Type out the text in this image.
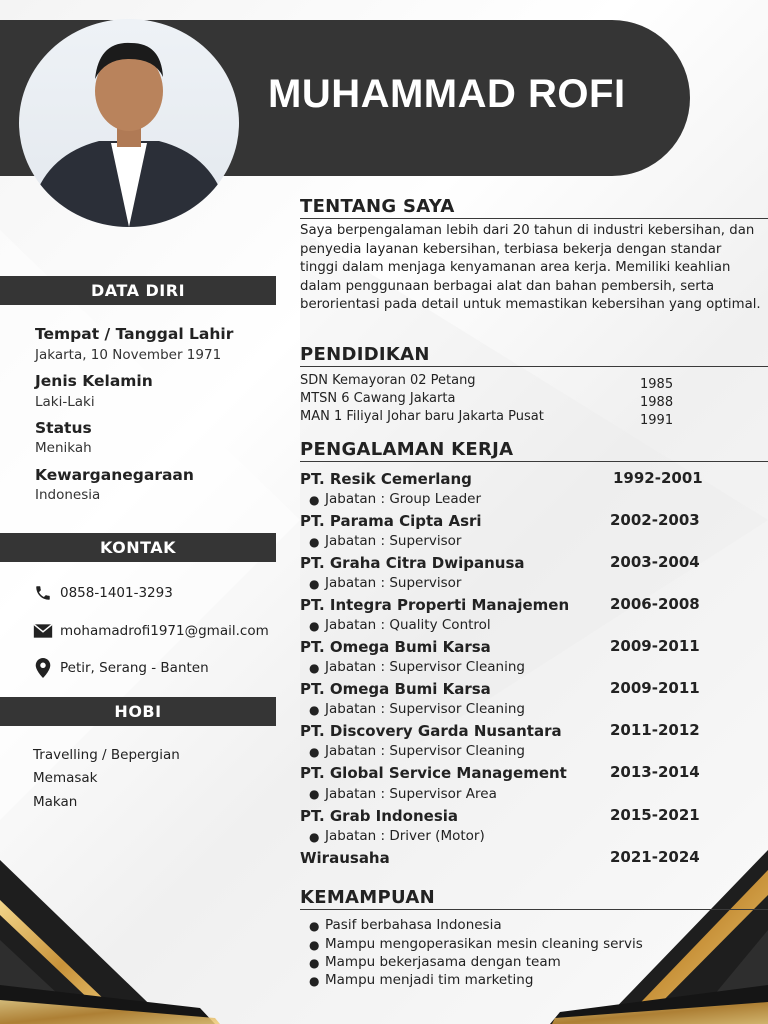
MUHAMMAD ROFI
DATA DIRI
Tempat / Tanggal Lahir
Jakarta, 10 November 1971
Jenis Kelamin
Laki-Laki
Status
Menikah
Kewarganegaraan
Indonesia
KONTAK
0858-1401-3293
mohamadrofi1971@gmail.com
Petir, Serang - Banten
HOBI
Travelling / Bepergian
Memasak
Makan
TENTANG SAYA
Saya berpengalaman lebih dari 20 tahun di industri kebersihan, dan penyedia layanan kebersihan, terbiasa bekerja dengan standar tinggi dalam menjaga kenyamanan area kerja. Memiliki keahlian dalam penggunaan berbagai alat dan bahan pembersih, serta berorientasi pada detail untuk memastikan kebersihan yang optimal.
PENDIDIKAN
SDN Kemayoran 02 Petang	1985
MTSN 6 Cawang Jakarta	1988
MAN 1 Filiyal Johar baru Jakarta Pusat	1991
PENGALAMAN KERJA
PT. Resik Cemerlang	1992-2001
● Jabatan : Group Leader
PT. Parama Cipta Asri	2002-2003
● Jabatan : Supervisor
PT. Graha Citra Dwipanusa	2003-2004
● Jabatan : Supervisor
PT. Integra Properti Manajemen	2006-2008
● Jabatan : Quality Control
PT. Omega Bumi Karsa	2009-2011
● Jabatan : Supervisor Cleaning
PT. Omega Bumi Karsa	2009-2011
● Jabatan : Supervisor Cleaning
PT. Discovery Garda Nusantara	2011-2012
● Jabatan : Supervisor Cleaning
PT. Global Service Management	2013-2014
● Jabatan : Supervisor Area
PT. Grab Indonesia	2015-2021
● Jabatan : Driver (Motor)
Wirausaha	2021-2024
KEMAMPUAN
● Pasif berbahasa Indonesia
● Mampu mengoperasikan mesin cleaning servis
● Mampu bekerjasama dengan team
● Mampu menjadi tim marketing
